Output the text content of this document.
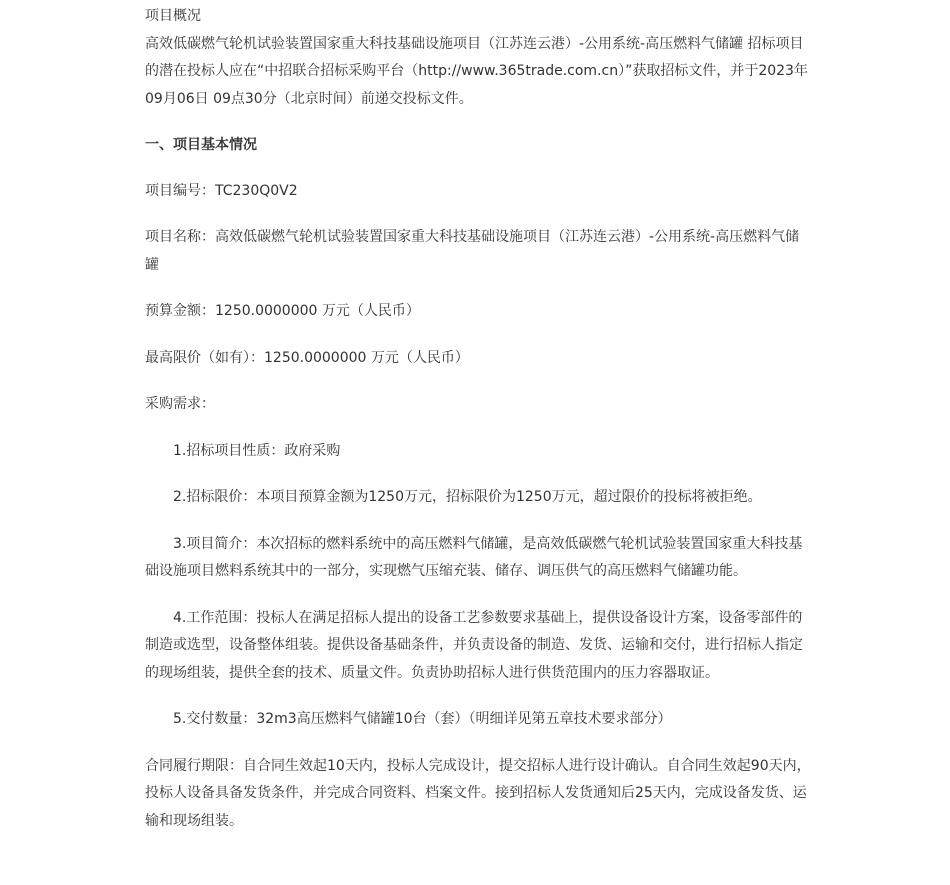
项目概况

高效低碳燃气轮机试验装置国家重大科技基础设施项目（江苏连云港）-公用系统-高压燃料气储罐 招标项目的潜在投标人应在“中招联合招标采购平台（http://www.365trade.com.cn）”获取招标文件，并于2023年09月06日 09点30分（北京时间）前递交投标文件。

一、项目基本情况

项目编号：TC230Q0V2

项目名称：高效低碳燃气轮机试验装置国家重大科技基础设施项目（江苏连云港）-公用系统-高压燃料气储罐

预算金额：1250.0000000 万元（人民币）

最高限价（如有）：1250.0000000 万元（人民币）

采购需求：

1.招标项目性质：政府采购

2.招标限价：本项目预算金额为1250万元，招标限价为1250万元，超过限价的投标将被拒绝。

3.项目简介：本次招标的燃料系统中的高压燃料气储罐，是高效低碳燃气轮机试验装置国家重大科技基础设施项目燃料系统其中的一部分，实现燃气压缩充装、储存、调压供气的高压燃料气储罐功能。

4.工作范围：投标人在满足招标人提出的设备工艺参数要求基础上，提供设备设计方案，设备零部件的制造或选型，设备整体组装。提供设备基础条件，并负责设备的制造、发货、运输和交付，进行招标人指定的现场组装，提供全套的技术、质量文件。负责协助招标人进行供货范围内的压力容器取证。

5.交付数量：32m3高压燃料气储罐10台（套）（明细详见第五章技术要求部分）

合同履行期限：自合同生效起10天内，投标人完成设计，提交招标人进行设计确认。自合同生效起90天内，投标人设备具备发货条件，并完成合同资料、档案文件。接到招标人发货通知后25天内，完成设备发货、运输和现场组装。
